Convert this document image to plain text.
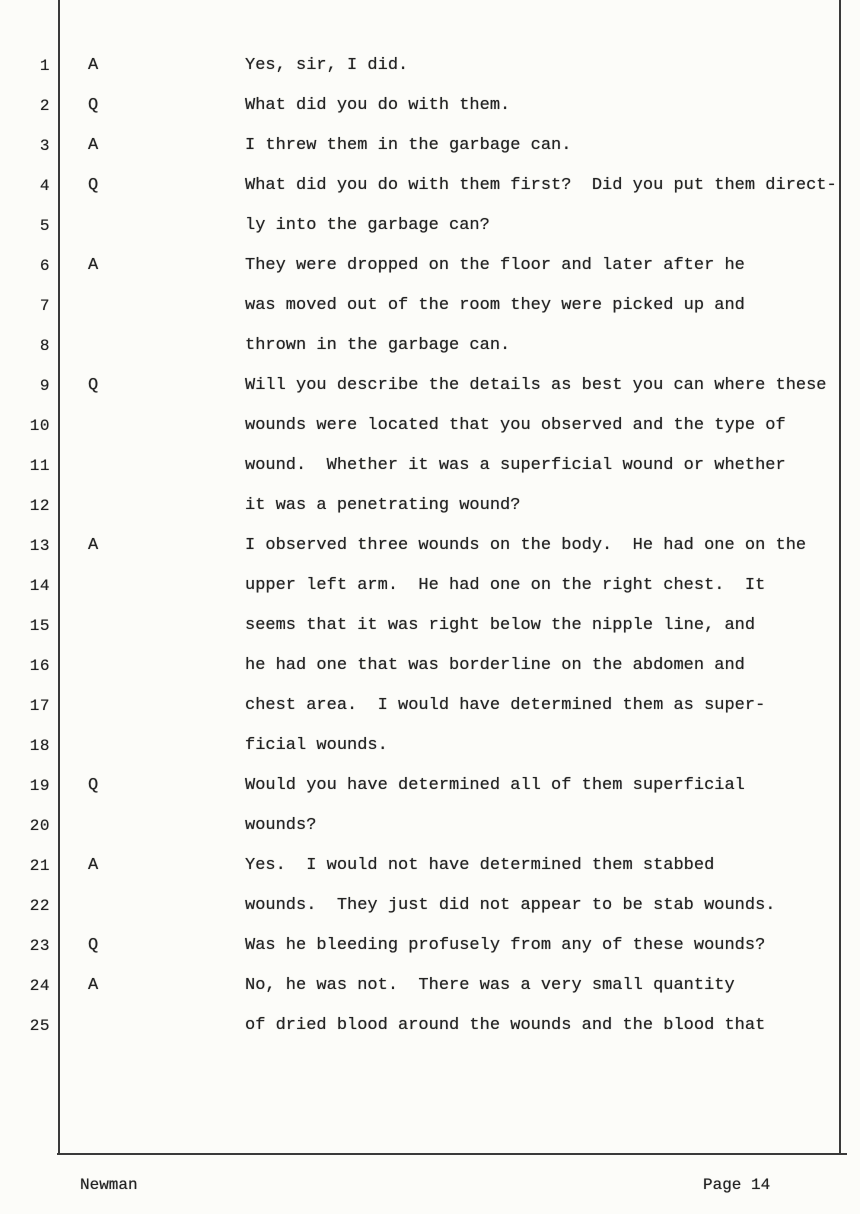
1 A	Yes, sir, I did.
2 Q	What did you do with them.
3 A	I threw them in the garbage can.
4 Q	What did you do with them first?  Did you put them direct-
5	ly into the garbage can?
6 A	They were dropped on the floor and later after he
7	was moved out of the room they were picked up and
8	thrown in the garbage can.
9 Q	Will you describe the details as best you can where these
10	wounds were located that you observed and the type of
11	wound.  Whether it was a superficial wound or whether
12	it was a penetrating wound?
13 A	I observed three wounds on the body.  He had one on the
14	upper left arm.  He had one on the right chest.  It
15	seems that it was right below the nipple line, and
16	he had one that was borderline on the abdomen and
17	chest area.  I would have determined them as super-
18	ficial wounds.
19 Q	Would you have determined all of them superficial
20	wounds?
21 A	Yes.  I would not have determined them stabbed
22	wounds.  They just did not appear to be stab wounds.
23 Q	Was he bleeding profusely from any of these wounds?
24 A	No, he was not.  There was a very small quantity
25	of dried blood around the wounds and the blood that
Newman	Page 14
